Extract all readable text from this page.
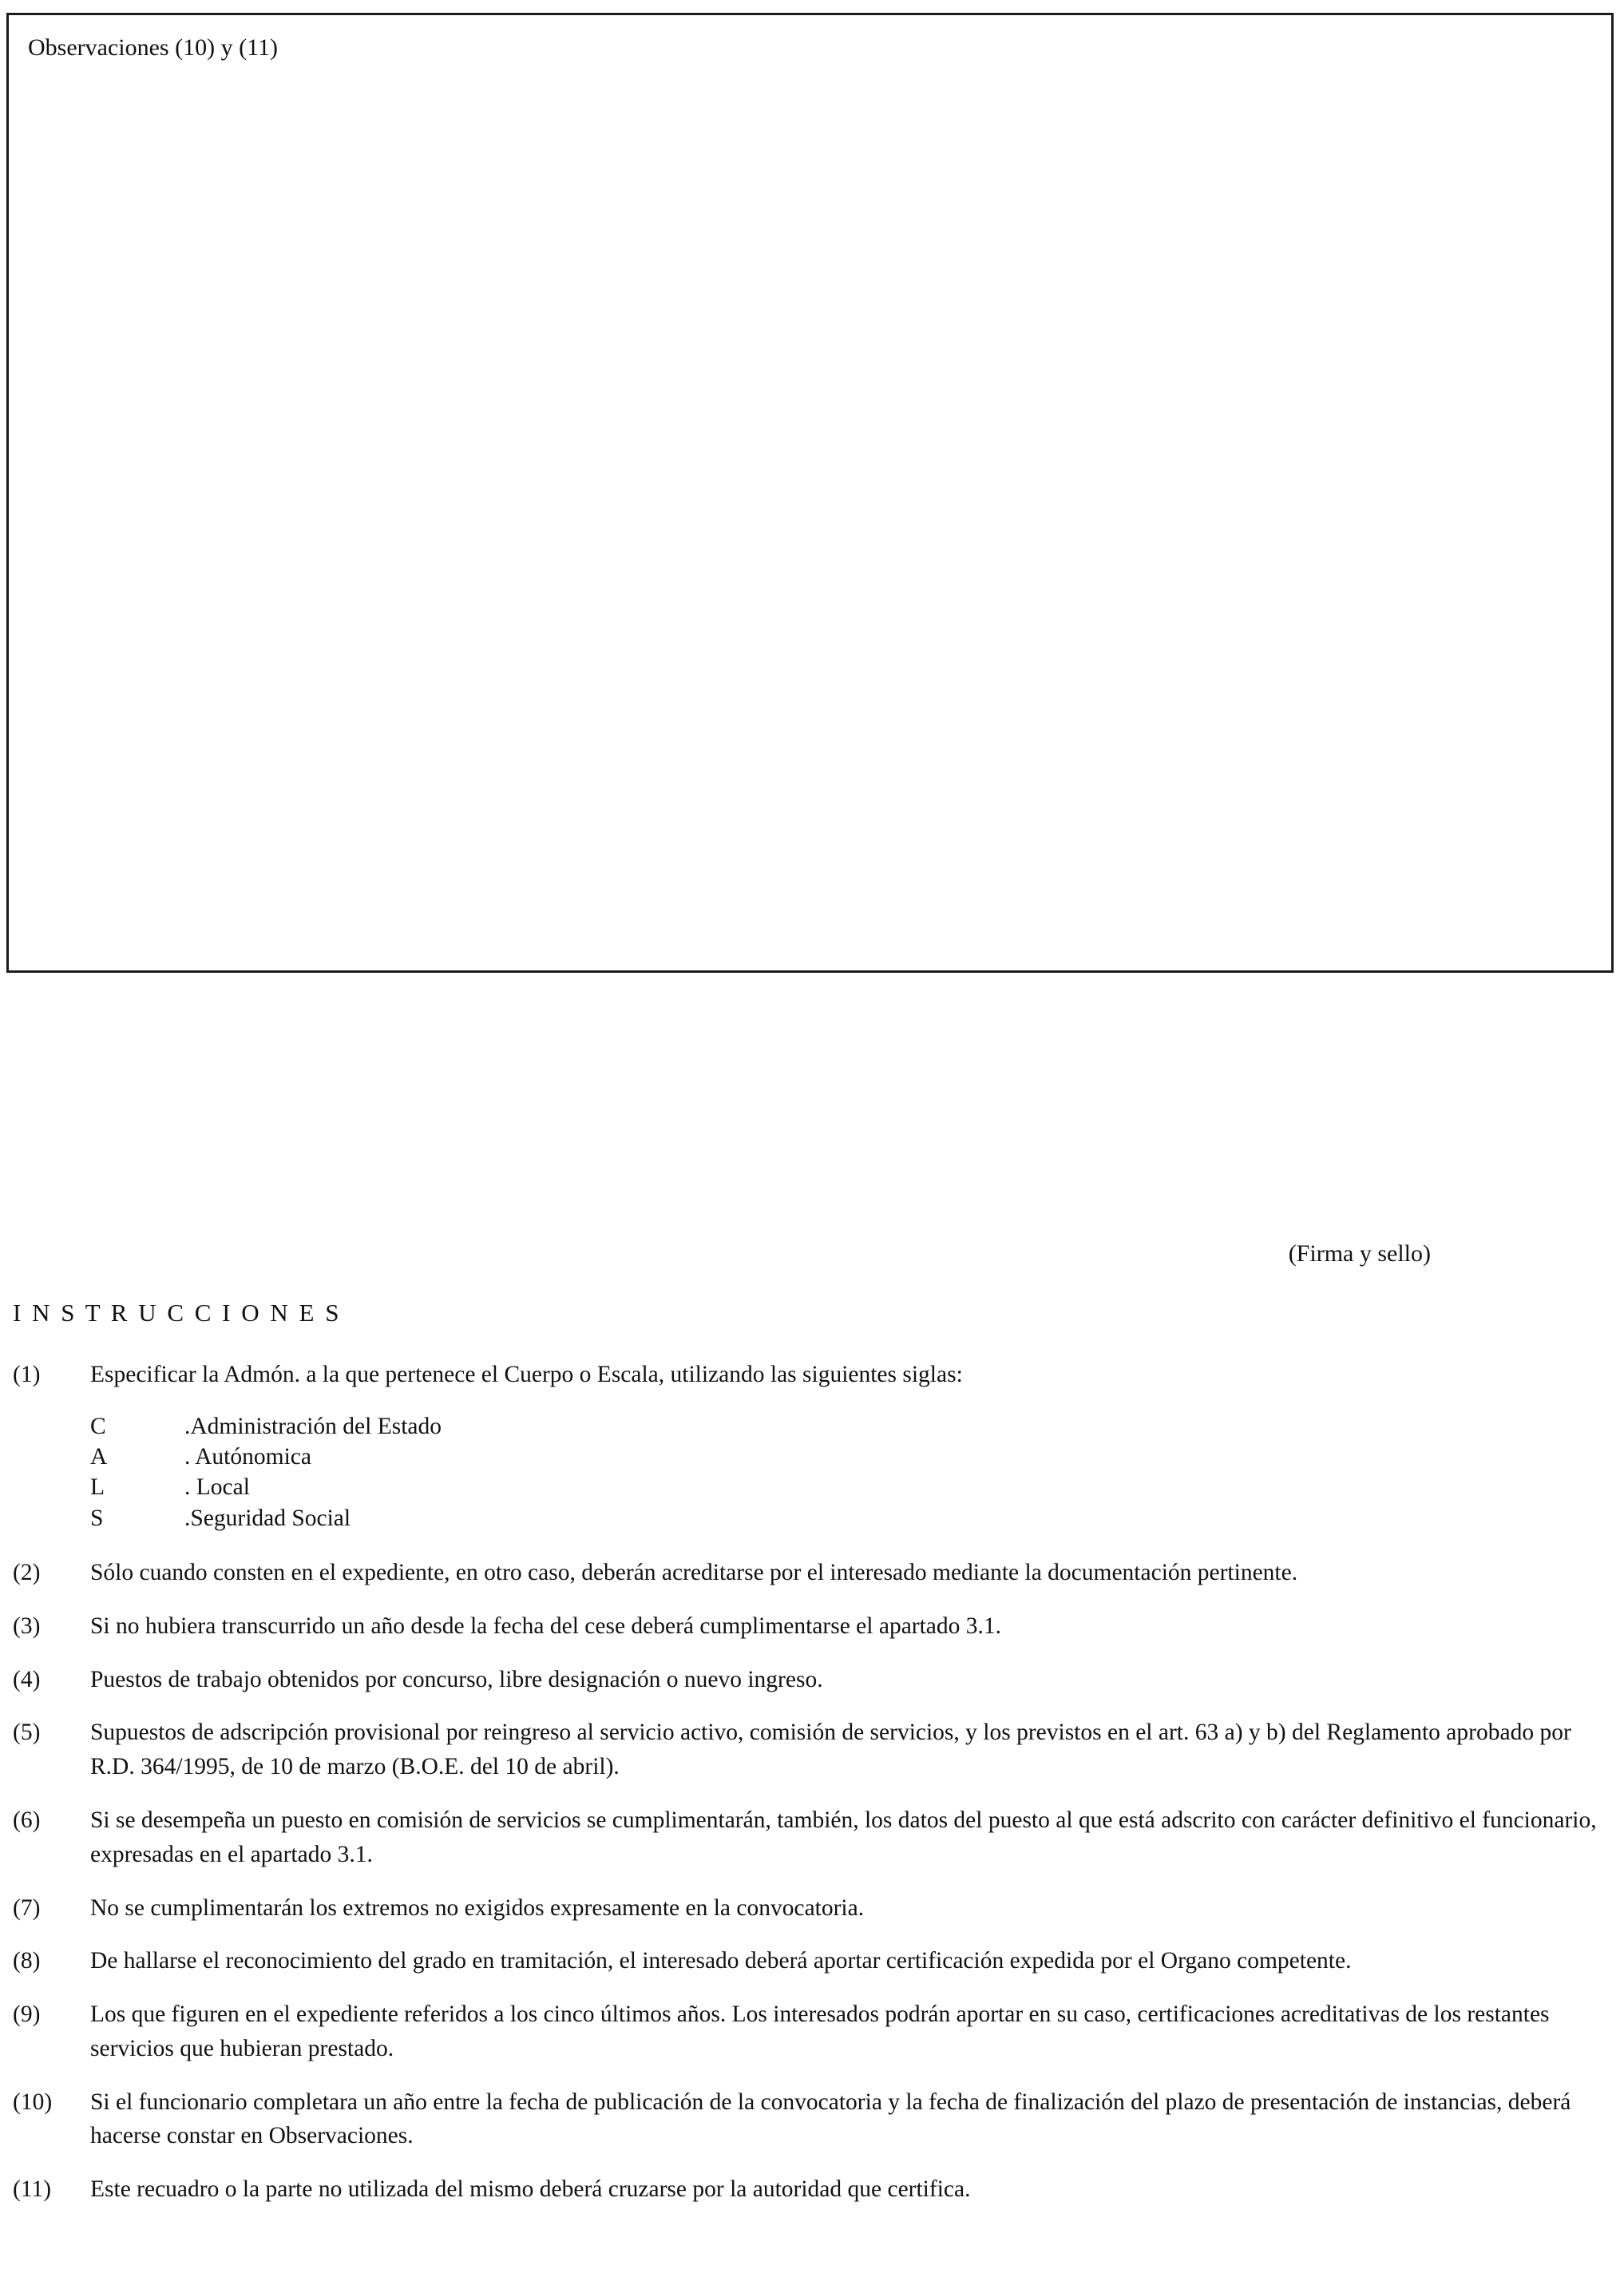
Observaciones (10) y (11)
(Firma y sello)
I N S T R U C C I O N E S
(1)	Especificar la Admón. a la que pertenece el Cuerpo o Escala, utilizando las siguientes siglas:
C	.Administración del Estado
A	. Autónomica
L	. Local
S	.Seguridad Social
(2)	Sólo cuando consten en el expediente, en otro caso, deberán acreditarse por el interesado mediante la documentación pertinente.
(3)	Si no hubiera transcurrido un año desde la fecha del cese deberá cumplimentarse el apartado 3.1.
(4)	Puestos de trabajo obtenidos por concurso, libre designación o nuevo ingreso.
(5)	Supuestos de adscripción provisional por reingreso al servicio activo, comisión de servicios, y los previstos en el art. 63 a) y b) del Reglamento aprobado por R.D. 364/1995, de 10 de marzo (B.O.E. del 10 de abril).
(6)	Si se desempeña un puesto en comisión de servicios se cumplimentarán, también, los datos del puesto al que está adscrito con carácter definitivo el funcionario, expresadas en el apartado 3.1.
(7)	No se cumplimentarán los extremos no exigidos expresamente en la convocatoria.
(8)	De hallarse el reconocimiento del grado en tramitación, el interesado deberá aportar certificación expedida por el Organo competente.
(9)	Los que figuren en el expediente referidos a los cinco últimos años. Los interesados podrán aportar en su caso, certificaciones acreditativas de los restantes servicios que hubieran prestado.
(10)	Si el funcionario completara un año entre la fecha de publicación de la convocatoria y la fecha de finalización del plazo de presentación de instancias, deberá hacerse constar en Observaciones.
(11)	Este recuadro o la parte no utilizada del mismo deberá cruzarse por la autoridad que certifica.
